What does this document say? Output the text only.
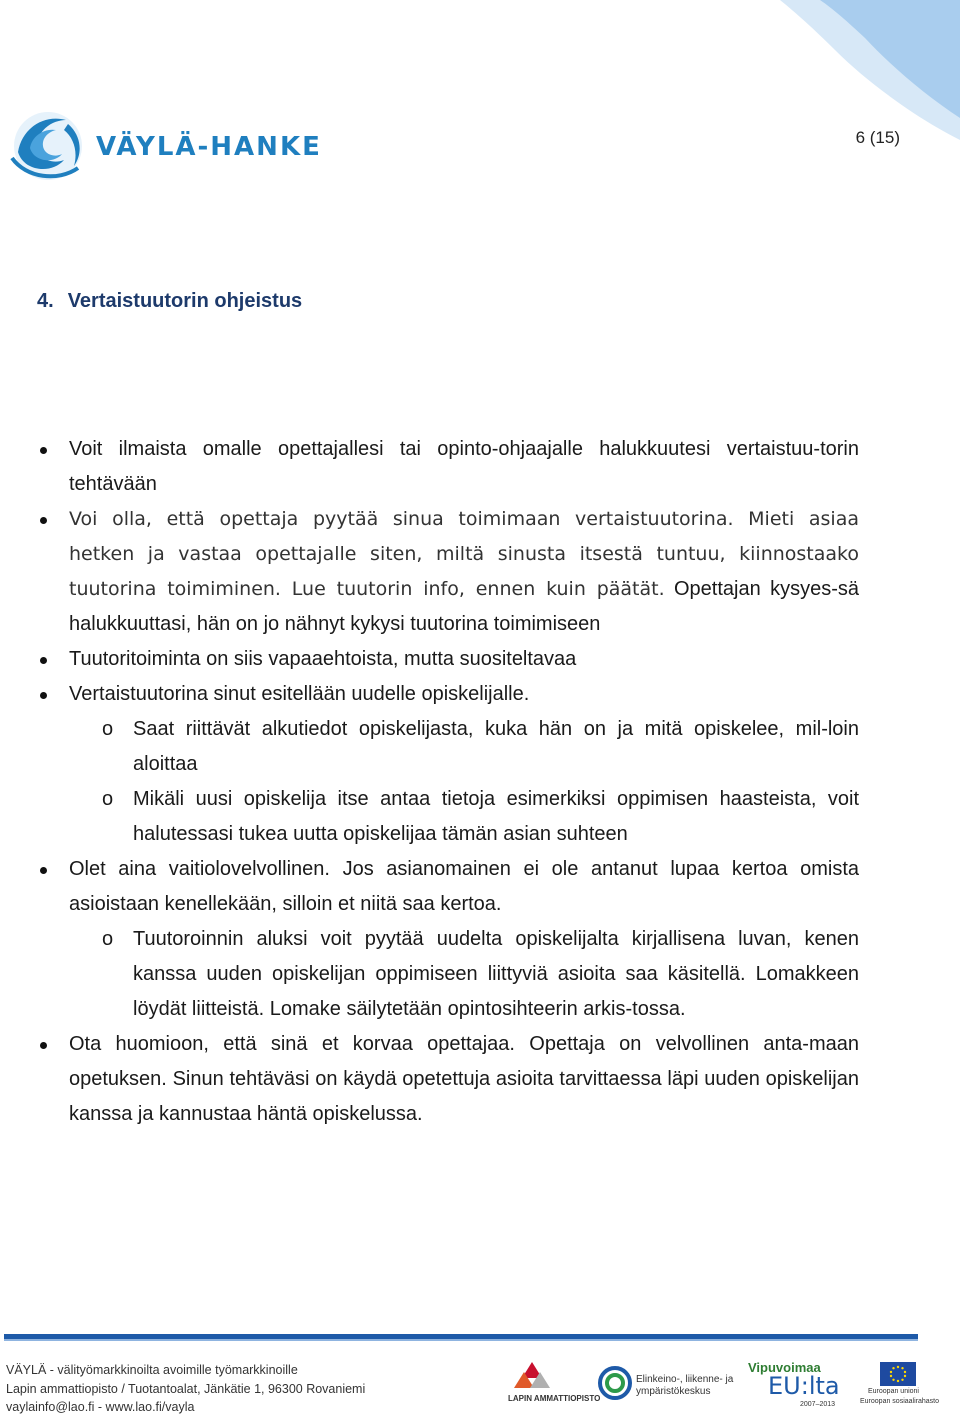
VÄYLÄ-HANKE	6 (15)
4. Vertaistuutorin ohjeistus
Voit ilmaista omalle opettajallesi tai opinto-ohjaajalle halukkuutesi vertaistuu-torin tehtävään
Voi olla, että opettaja pyytää sinua toimimaan vertaistuutorina. Mieti asiaa hetken ja vastaa opettajalle siten, miltä sinusta itsestä tuntuu, kiinnostaako tuutorina toimiminen. Lue tuutorin info, ennen kuin päätät. Opettajan kysyes-sä halukkuuttasi, hän on jo nähnyt kykysi tuutorina toimimiseen
Tuutoritoiminta on siis vapaaehtoista, mutta suositeltavaa
Vertaistuutorina sinut esitellään uudelle opiskelijalle.
o Saat riittävät alkutiedot opiskelijasta, kuka hän on ja mitä opiskelee, mil-loin aloittaa
o Mikäli uusi opiskelija itse antaa tietoja esimerkiksi oppimisen haasteista, voit halutessasi tukea uutta opiskelijaa tämän asian suhteen
Olet aina vaitiolovelvollinen. Jos asianomainen ei ole antanut lupaa kertoa omista asioistaan kenellekään, silloin et niitä saa kertoa.
o Tuutoroinnin aluksi voit pyytää uudelta opiskelijalta kirjallisena luvan, kenen kanssa uuden opiskelijan oppimiseen liittyviä asioita saa käsitellä. Lomakkeen löydät liitteistä. Lomake säilytetään opintosihteerin arkis-tossa.
Ota huomioon, että sinä et korvaa opettajaa. Opettaja on velvollinen anta-maan opetuksen. Sinun tehtäväsi on käydä opetettuja asioita tarvittaessa läpi uuden opiskelijan kanssa ja kannustaa häntä opiskelussa.
VÄYLÄ - välityömarkkinoilta avoimille työmarkkinoille
Lapin ammattiopisto / Tuotantoalat, Jänkätie 1, 96300 Rovaniemi
vaylainfo@lao.fi - www.lao.fi/vayla
LAPIN AMMATTIOPISTO
Elinkeino-, liikenne- ja
ympäristökeskus
Vipuvoimaa
EU:lta
2007–2013
Euroopan unioni
Euroopan sosiaalirahasto
